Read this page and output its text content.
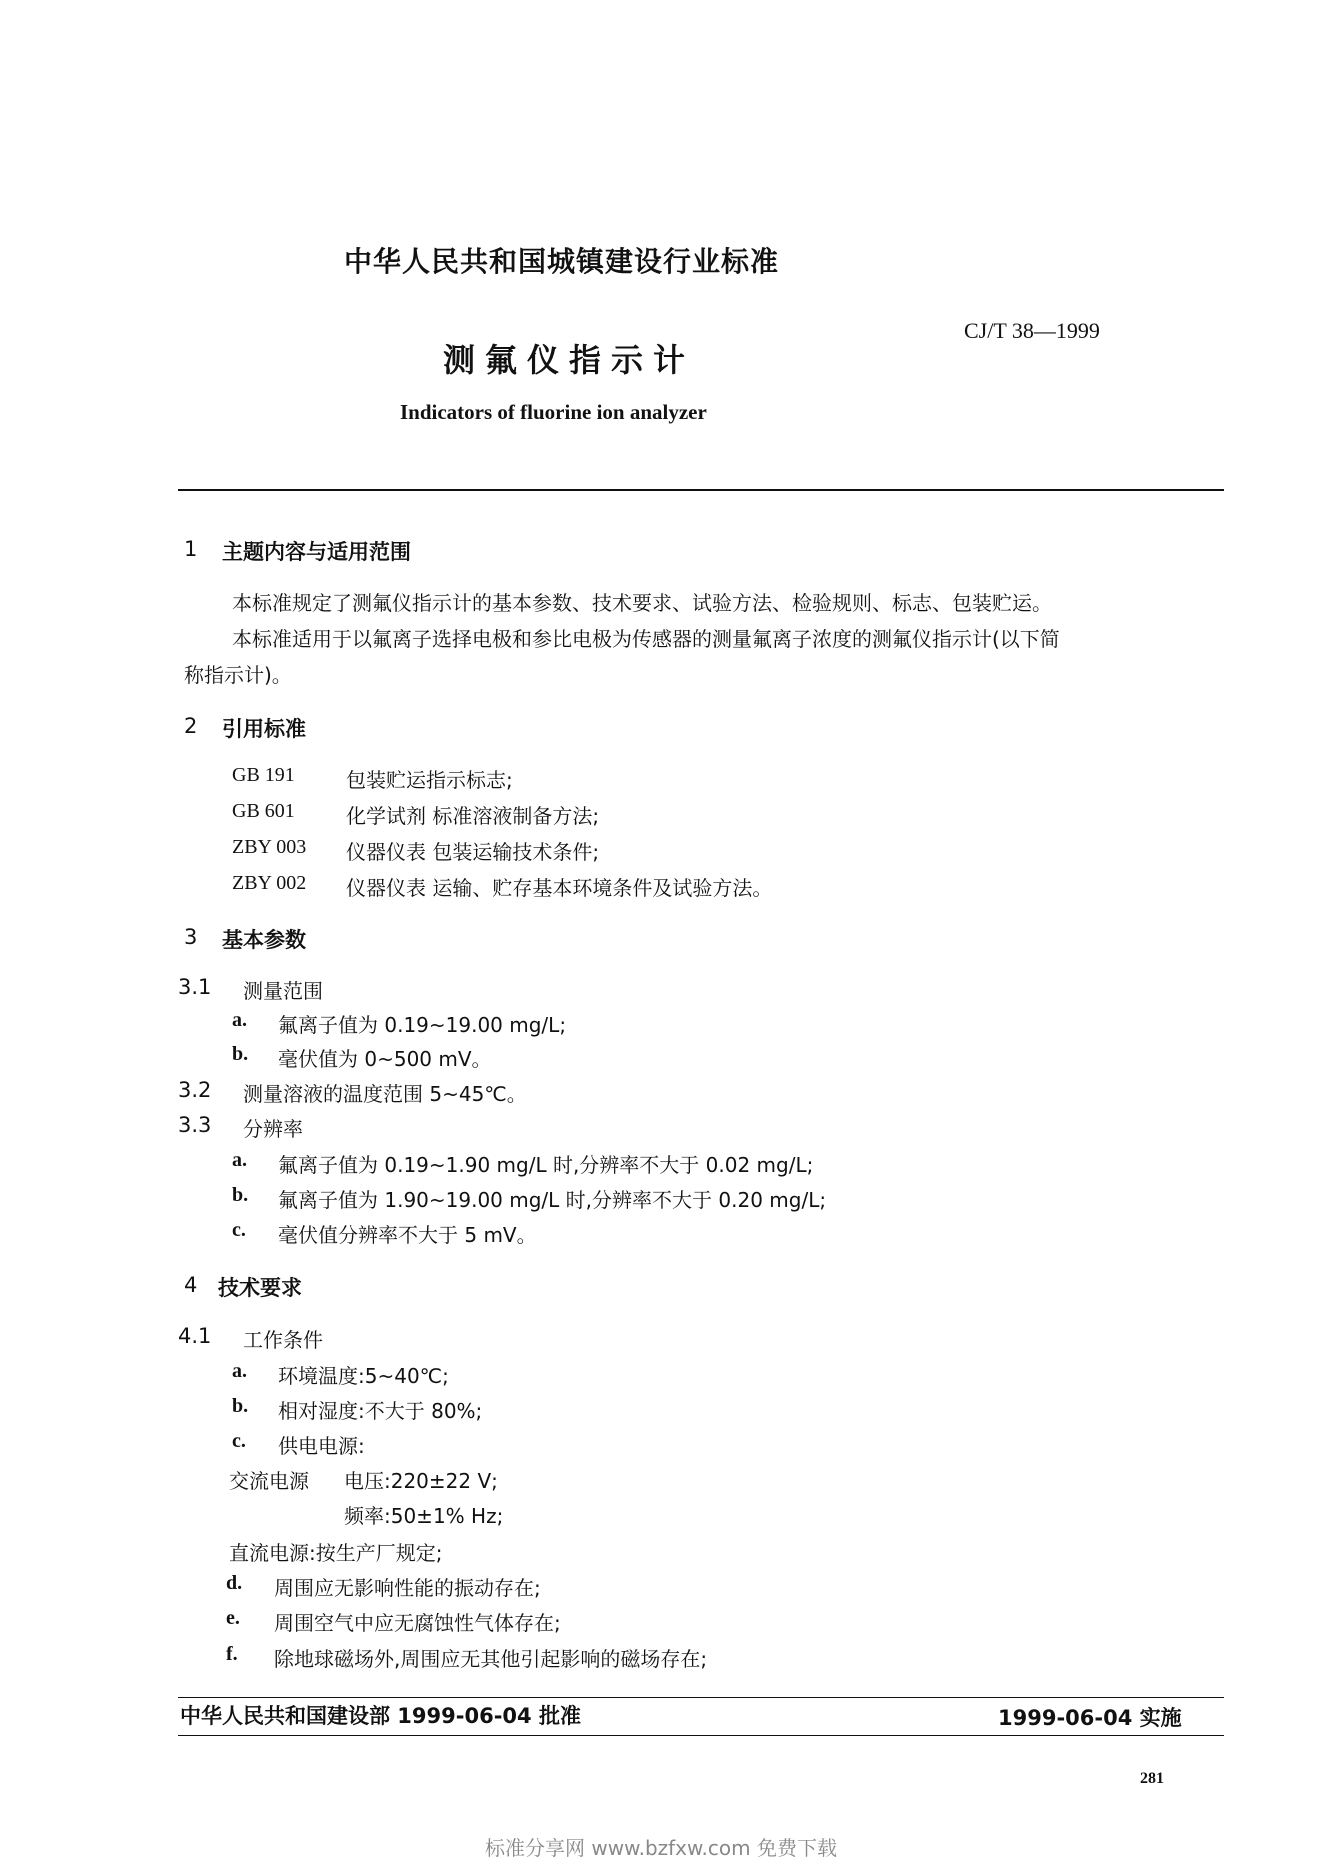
中华人民共和国城镇建设行业标准
CJ/T 38—1999
测氟仪指示计
Indicators of fluorine ion analyzer
1 主题内容与适用范围
本标准规定了测氟仪指示计的基本参数、技术要求、试验方法、检验规则、标志、包装贮运。
本标准适用于以氟离子选择电极和参比电极为传感器的测量氟离子浓度的测氟仪指示计(以下简
称指示计)。
2 引用标准
GB 191	包装贮运指示标志;
GB 601	化学试剂 标准溶液制备方法;
ZBY 003 仪器仪表 包装运输技术条件;
ZBY 002 仪器仪表 运输、贮存基本环境条件及试验方法。
3 基本参数
3.1 测量范围
a. 氟离子值为 0.19~19.00 mg/L;
b. 毫伏值为 0~500 mV。
3.2 测量溶液的温度范围 5~45℃。
3.3 分辨率
a. 氟离子值为 0.19~1.90 mg/L 时,分辨率不大于 0.02 mg/L;
b. 氟离子值为 1.90~19.00 mg/L 时,分辨率不大于 0.20 mg/L;
c. 毫伏值分辨率不大于 5 mV。
4 技术要求
4.1 工作条件
a. 环境温度:5~40℃;
b. 相对湿度:不大于 80%;
c. 供电电源:
交流电源 电压:220±22 V;
频率:50±1% Hz;
直流电源:按生产厂规定;
d. 周围应无影响性能的振动存在;
e. 周围空气中应无腐蚀性气体存在;
f. 除地球磁场外,周围应无其他引起影响的磁场存在;
中华人民共和国建设部 1999-06-04 批准	1999-06-04 实施
281
标准分享网 www.bzfxw.com 免费下载
